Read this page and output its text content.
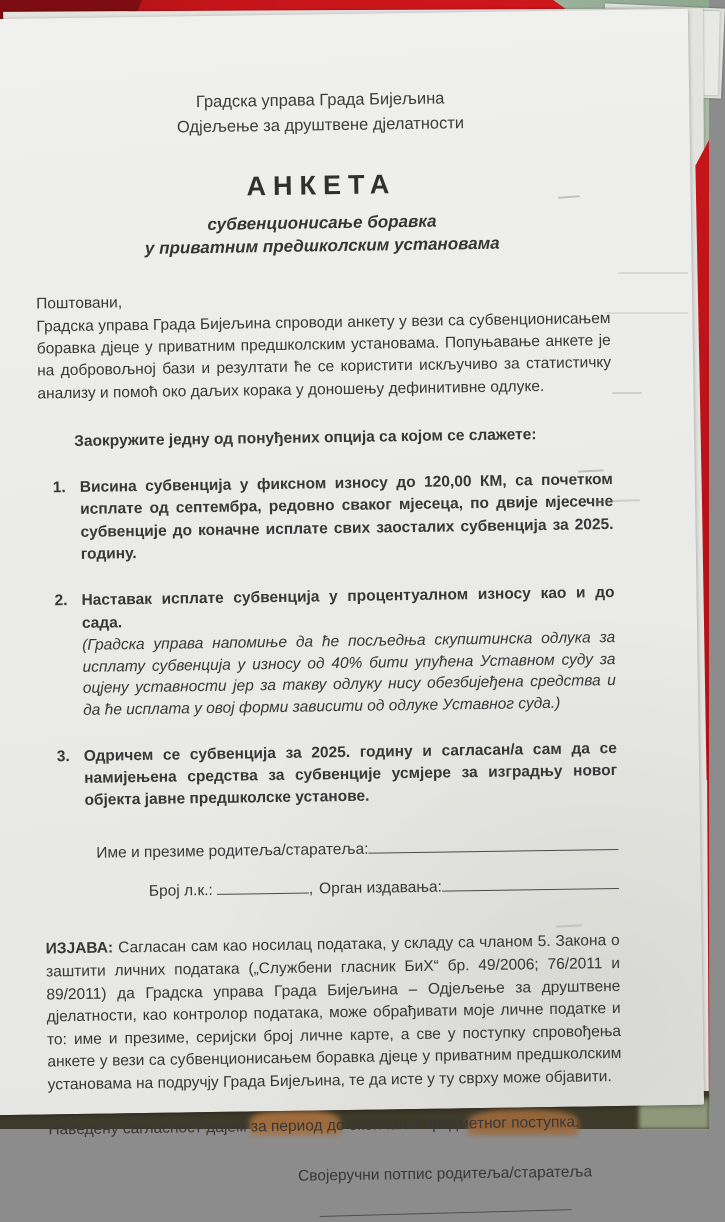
Градска управа Града Бијељина
Одјељење за друштвене дјелатности
АНКЕТА
субвенционисање боравка
у приватним предшколским установама
Поштовани,

Градска управа Града Бијељина спроводи анкету у вези са субвенционисањем боравка дјеце у приватним предшколским установама. Попуњавање анкете је на добровољној бази и резултати ће се користити искључиво за статистичку анализу и помоћ око даљих корака у доношењу дефинитивне одлуке.

Заокружите једну од понуђених опција са којом се слажете:
1. Висина субвенција у фиксном износу до 120,00 КМ, са почетком исплате од септембра, редовно сваког мјесеца, по двије мјесечне субвенције до коначне исплате свих заосталих субвенција за 2025. годину.
2. Наставак исплате субвенција у процентуалном износу као и до сада.
(Градска управа напомиње да ће посљедња скупштинска одлука за исплату субвенција у износу од 40% бити упућена Уставном суду за оцјену уставности јер за такву одлуку нису обезбијеђена средства и да ће исплата у овој форми зависити од одлуке Уставног суда.)
3. Одричем се субвенција за 2025. годину и сагласан/а сам да се намијењена средства за субвенције усмјере за изградњу новог објекта јавне предшколске установе.
Име и презиме родитеља/старатеља:
Број л.к.:	, Орган издавања:

ИЗЈАВА: Сагласан сам као носилац података, у складу са чланом 5. Закона о заштити личних података („Службени гласник БиХ“ бр. 49/2006; 76/2011 и 89/2011) да Градска управа Града Бијељина – Одјељење за друштвене дјелатности, као контролор података, може обрађивати моје личне податке и то: име и презиме, серијски број личне карте, а све у поступку спровођења анкете у вези са субвенционисањем боравка дјеце у приватним предшколским установама на подручју Града Бијељина, те да исте у ту сврху може објавити.

Наведену сагласност дајем за период до окончања предметног поступка.
Својеручни потпис родитеља/старатеља
